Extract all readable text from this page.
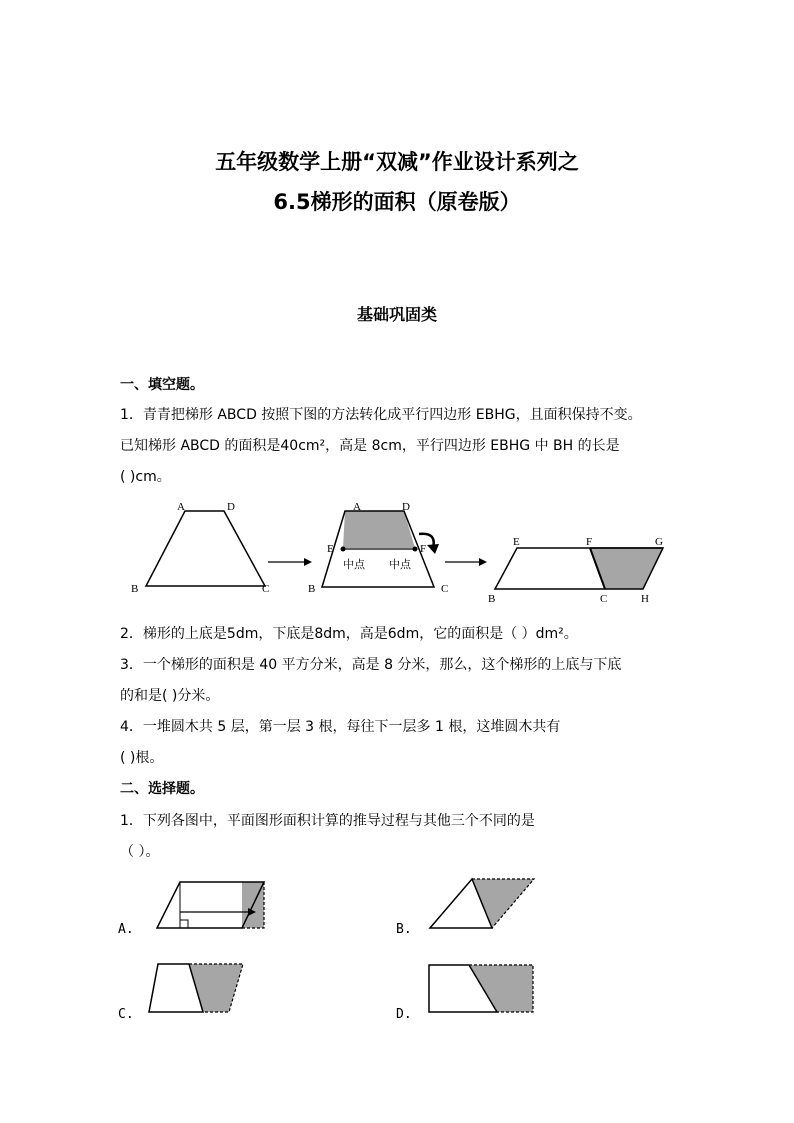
五年级数学上册“双减”作业设计系列之
6.5梯形的面积（原卷版）
基础巩固类
一、填空题。
1．青青把梯形 ABCD 按照下图的方法转化成平行四边形 EBHG，且面积保持不变。
已知梯形 ABCD 的面积是40cm²，高是 8cm，平行四边形 EBHG 中 BH 的长是
( )cm。
A	D
B	C
A	D
E	F
B	C
中点 中点
E	F	G
B	C	H
2．梯形的上底是5dm，下底是8dm，高是6dm，它的面积是（ ）dm²。
3．一个梯形的面积是 40 平方分米，高是 8 分米，那么，这个梯形的上底与下底
的和是( )分米。
4．一堆圆木共 5 层，第一层 3 根，每往下一层多 1 根，这堆圆木共有
( )根。
二、选择题。
1．下列各图中，平面图形面积计算的推导过程与其他三个不同的是
（ ）。
A.	B.
C.	D.
